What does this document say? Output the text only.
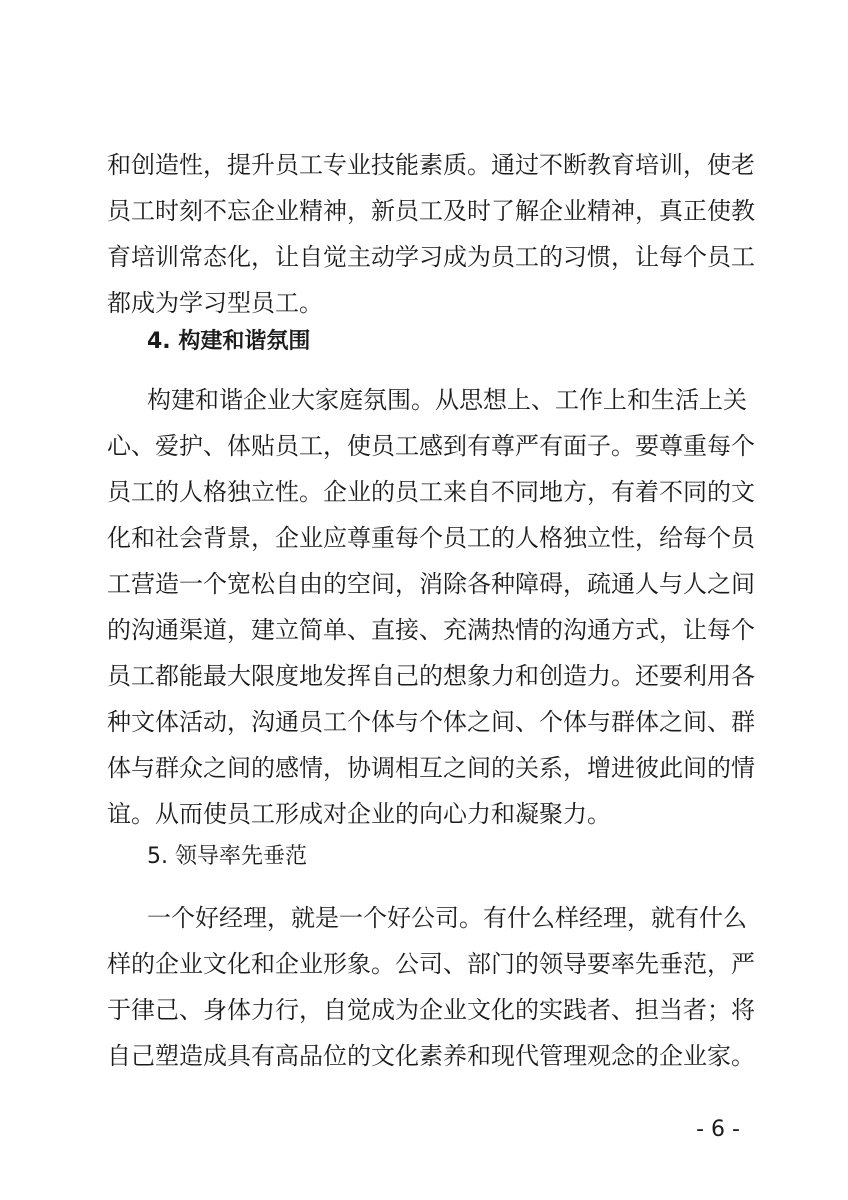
和创造性，提升员工专业技能素质。通过不断教育培训，使老
员工时刻不忘企业精神，新员工及时了解企业精神，真正使教
育培训常态化，让自觉主动学习成为员工的习惯，让每个员工
都成为学习型员工。
4. 构建和谐氛围
构建和谐企业大家庭氛围。从思想上、工作上和生活上关
心、爱护、体贴员工，使员工感到有尊严有面子。要尊重每个
员工的人格独立性。企业的员工来自不同地方，有着不同的文
化和社会背景，企业应尊重每个员工的人格独立性，给每个员
工营造一个宽松自由的空间，消除各种障碍，疏通人与人之间
的沟通渠道，建立简单、直接、充满热情的沟通方式，让每个
员工都能最大限度地发挥自己的想象力和创造力。还要利用各
种文体活动，沟通员工个体与个体之间、个体与群体之间、群
体与群众之间的感情，协调相互之间的关系，增进彼此间的情
谊。从而使员工形成对企业的向心力和凝聚力。
5. 领导率先垂范
一个好经理，就是一个好公司。有什么样经理，就有什么
样的企业文化和企业形象。公司、部门的领导要率先垂范，严
于律己、身体力行，自觉成为企业文化的实践者、担当者；将
自己塑造成具有高品位的文化素养和现代管理观念的企业家。
- 6 -
